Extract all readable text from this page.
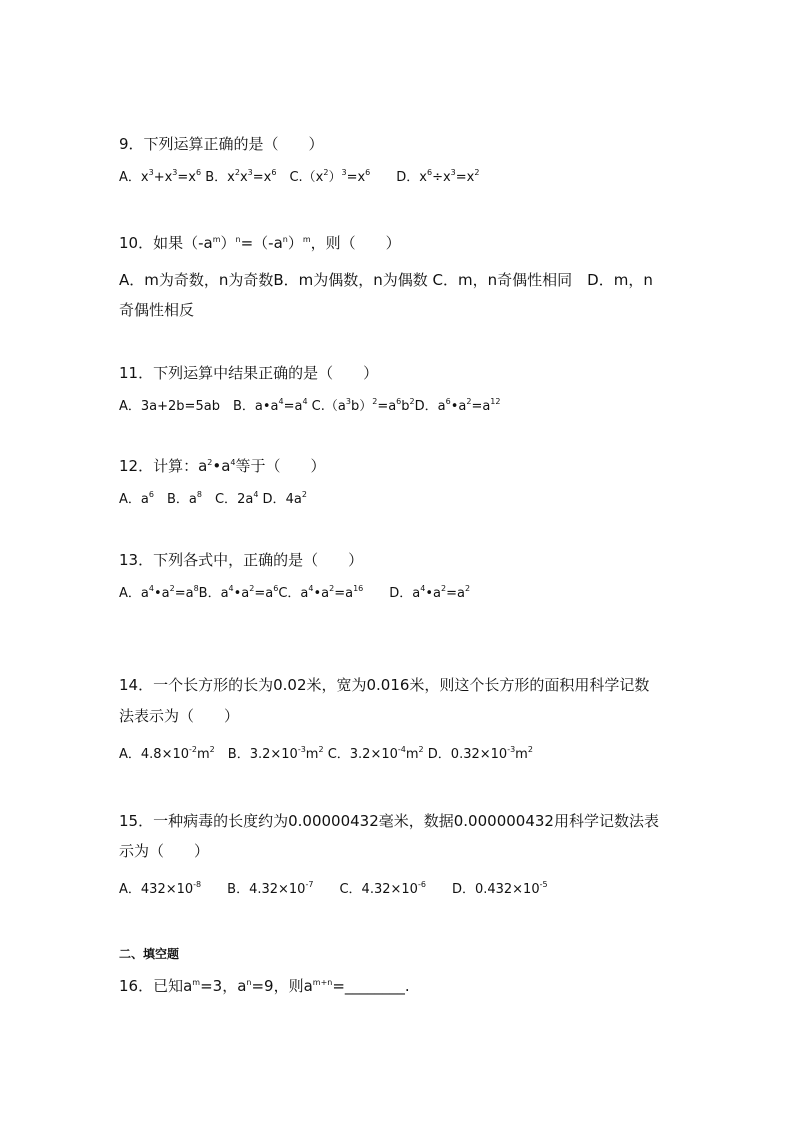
9．下列运算正确的是（　　）
A．$x^3+x^3=x^6$ B．$x^2x^3=x^6$　 $C.(x^2)^3=x^6$　　 D．$x^6\div x^3=x^2$
10．如果$(-a^m)^n=(-a^n)^m$，则（　　）
A．m为奇数，n为奇数B．m为偶数，n为偶数 C．m，n奇偶性相同　D．m，n
奇偶性相反
11．下列运算中结果正确的是（　　）
A．3a+2b=5ab　B．$a•a^4=a^4$ $C.(a^3b)^2=a^6b^2D$．$a^6•a^2=a^{12}$
12．计算：$a^2•a^4$等于（　　）
A．$a^6$　 B．$a^8$　 C．$2a^4$ D．$4a^2$
13．下列各式中，正确的是（　　）
A．$a^4•a^2=a^8B$．$a^4•a^2=a^6C$．$a^4•a^2=a^{16}$　　 D．$a^4•a^2=a^2$
14．一个长方形的长为0.02米，宽为0.016米，则这个长方形的面积用科学记数
法表示为（　　）
A．$4.8\times 10^{-2}m^2$　 B．$3.2\times 10^{-3}m^2$ C．$3.2\times 10^{-4}m^2$ D．$0.32\times 10^{-3}m^2$
15．一种病毒的长度约为0.00000432毫米，数据0.000000432用科学记数法表
示为（　　）
A．$432\times 10^{-8}$　　 B．$4.32\times 10^{-7}$　　 C．$4.32\times 10^{-6}$　　 D．$0.432\times 10^{-5}$
二、填空题
16．已知$a^m=3$，$a^n=9$，则$a^{m+n}=\_\_\_\_\_\_\_\_$.
